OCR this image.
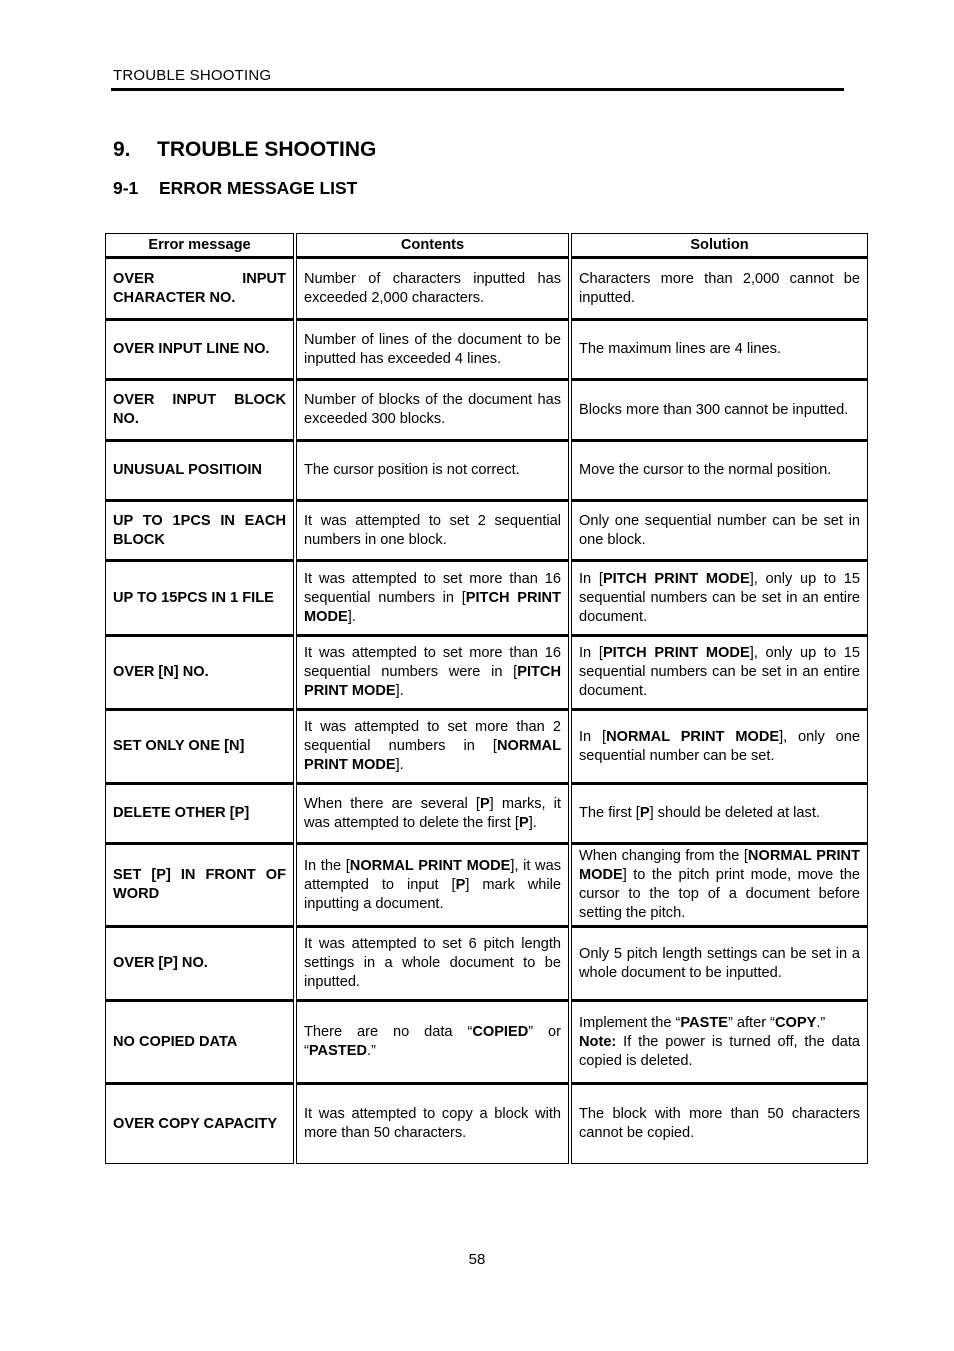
TROUBLE SHOOTING
9. TROUBLE SHOOTING
9-1 ERROR MESSAGE LIST
Error message	Contents	Solution
OVER INPUT CHARACTER NO.	Number of characters inputted has exceeded 2,000 characters.	Characters more than 2,000 cannot be inputted.
OVER INPUT LINE NO.	Number of lines of the document to be inputted has exceeded 4 lines.	The maximum lines are 4 lines.
OVER INPUT BLOCK NO.	Number of blocks of the document has exceeded 300 blocks.	Blocks more than 300 cannot be inputted.
UNUSUAL POSITIOIN	The cursor position is not correct.	Move the cursor to the normal position.
UP TO 1PCS IN EACH BLOCK	It was attempted to set 2 sequential numbers in one block.	Only one sequential number can be set in one block.
UP TO 15PCS IN 1 FILE	It was attempted to set more than 16 sequential numbers in [PITCH PRINT MODE].	In [PITCH PRINT MODE], only up to 15 sequential numbers can be set in an entire document.
OVER [N] NO.	It was attempted to set more than 16 sequential numbers were in [PITCH PRINT MODE].	In [PITCH PRINT MODE], only up to 15 sequential numbers can be set in an entire document.
SET ONLY ONE [N]	It was attempted to set more than 2 sequential numbers in [NORMAL PRINT MODE].	In [NORMAL PRINT MODE], only one sequential number can be set.
DELETE OTHER [P]	When there are several [P] marks, it was attempted to delete the first [P].	The first [P] should be deleted at last.
SET [P] IN FRONT OF WORD	In the [NORMAL PRINT MODE], it was attempted to input [P] mark while inputting a document.	When changing from the [NORMAL PRINT MODE] to the pitch print mode, move the cursor to the top of a document before setting the pitch.
OVER [P] NO.	It was attempted to set 6 pitch length settings in a whole document to be inputted.	Only 5 pitch length settings can be set in a whole document to be inputted.
NO COPIED DATA	There are no data “COPIED” or “PASTED.”	Implement the “PASTE” after “COPY.”
Note: If the power is turned off, the data copied is deleted.
OVER COPY CAPACITY	It was attempted to copy a block with more than 50 characters.	The block with more than 50 characters cannot be copied.
58
